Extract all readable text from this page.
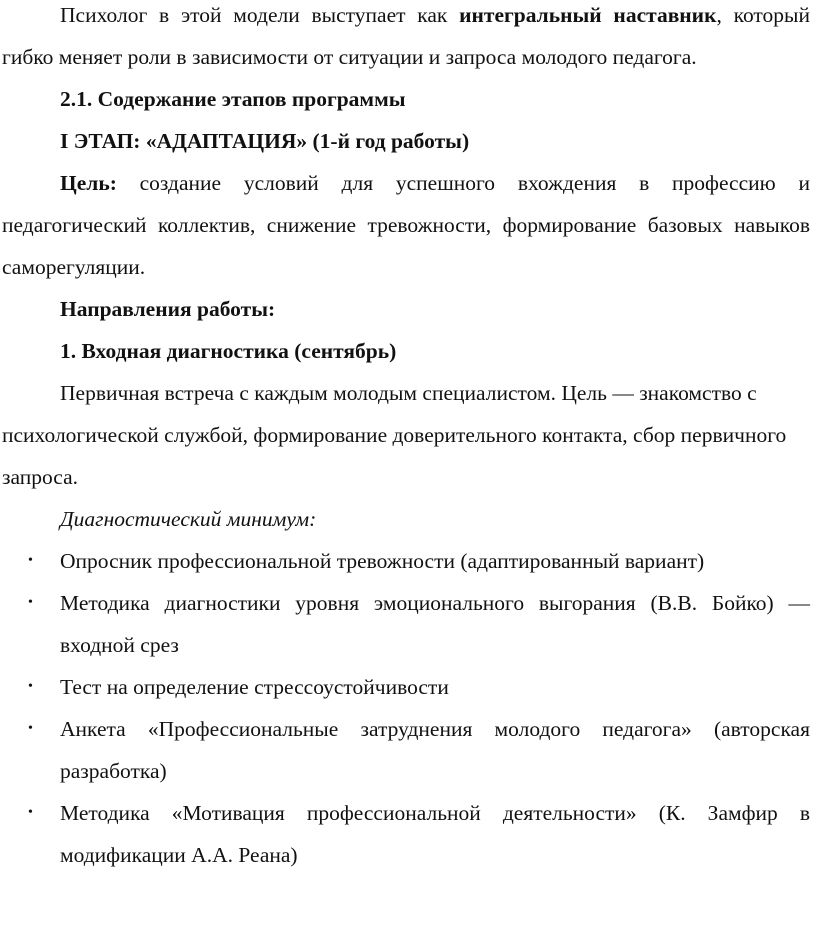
Психолог в этой модели выступает как интегральный наставник, который гибко меняет роли в зависимости от ситуации и запроса молодого педагога.

2.1. Содержание этапов программы

I ЭТАП: «АДАПТАЦИЯ» (1-й год работы)

Цель: создание условий для успешного вхождения в профессию и педагогический коллектив, снижение тревожности, формирование базовых навыков саморегуляции.

Направления работы:

1. Входная диагностика (сентябрь)

Первичная встреча с каждым молодым специалистом. Цель — знакомство с психологической службой, формирование доверительного контакта, сбор первичного запроса.

Диагностический минимум:

• Опросник профессиональной тревожности (адаптированный вариант)
• Методика диагностики уровня эмоционального выгорания (В.В. Бойко) — входной срез
• Тест на определение стрессоустойчивости
• Анкета «Профессиональные затруднения молодого педагога» (авторская разработка)
• Методика «Мотивация профессиональной деятельности» (К. Замфир в модификации А.А. Реана)
